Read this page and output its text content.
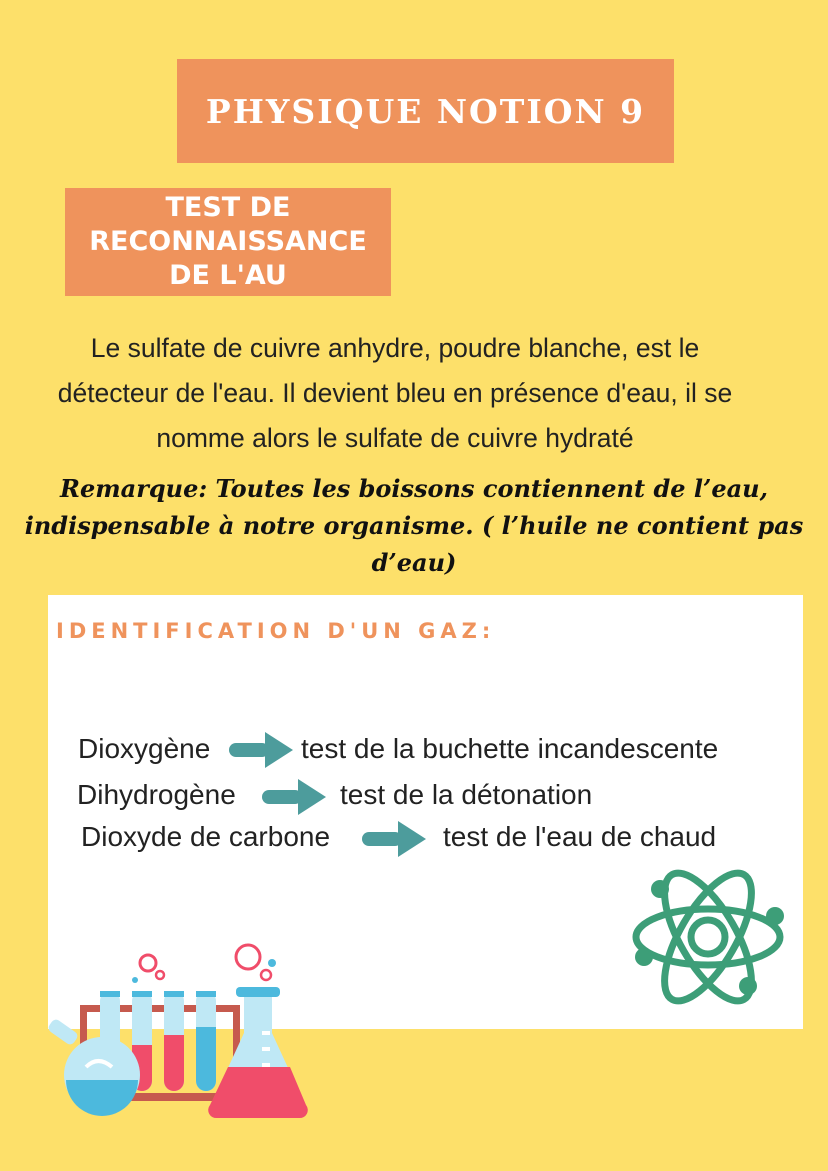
PHYSIQUE NOTION 9
TEST DE
RECONNAISSANCE
DE L'AU
Le sulfate de cuivre anhydre, poudre blanche, est le
détecteur de l'eau. Il devient bleu en présence d'eau, il se
nomme alors le sulfate de cuivre hydraté
Remarque: Toutes les boissons contiennent de l’eau,
indispensable à notre organisme. ( l’huile ne contient pas
d’eau)
IDENTIFICATION D'UN GAZ:
Dioxygène	test de la buchette incandescente
Dihydrogène	test de la détonation
Dioxyde de carbone	test de l'eau de chaud
